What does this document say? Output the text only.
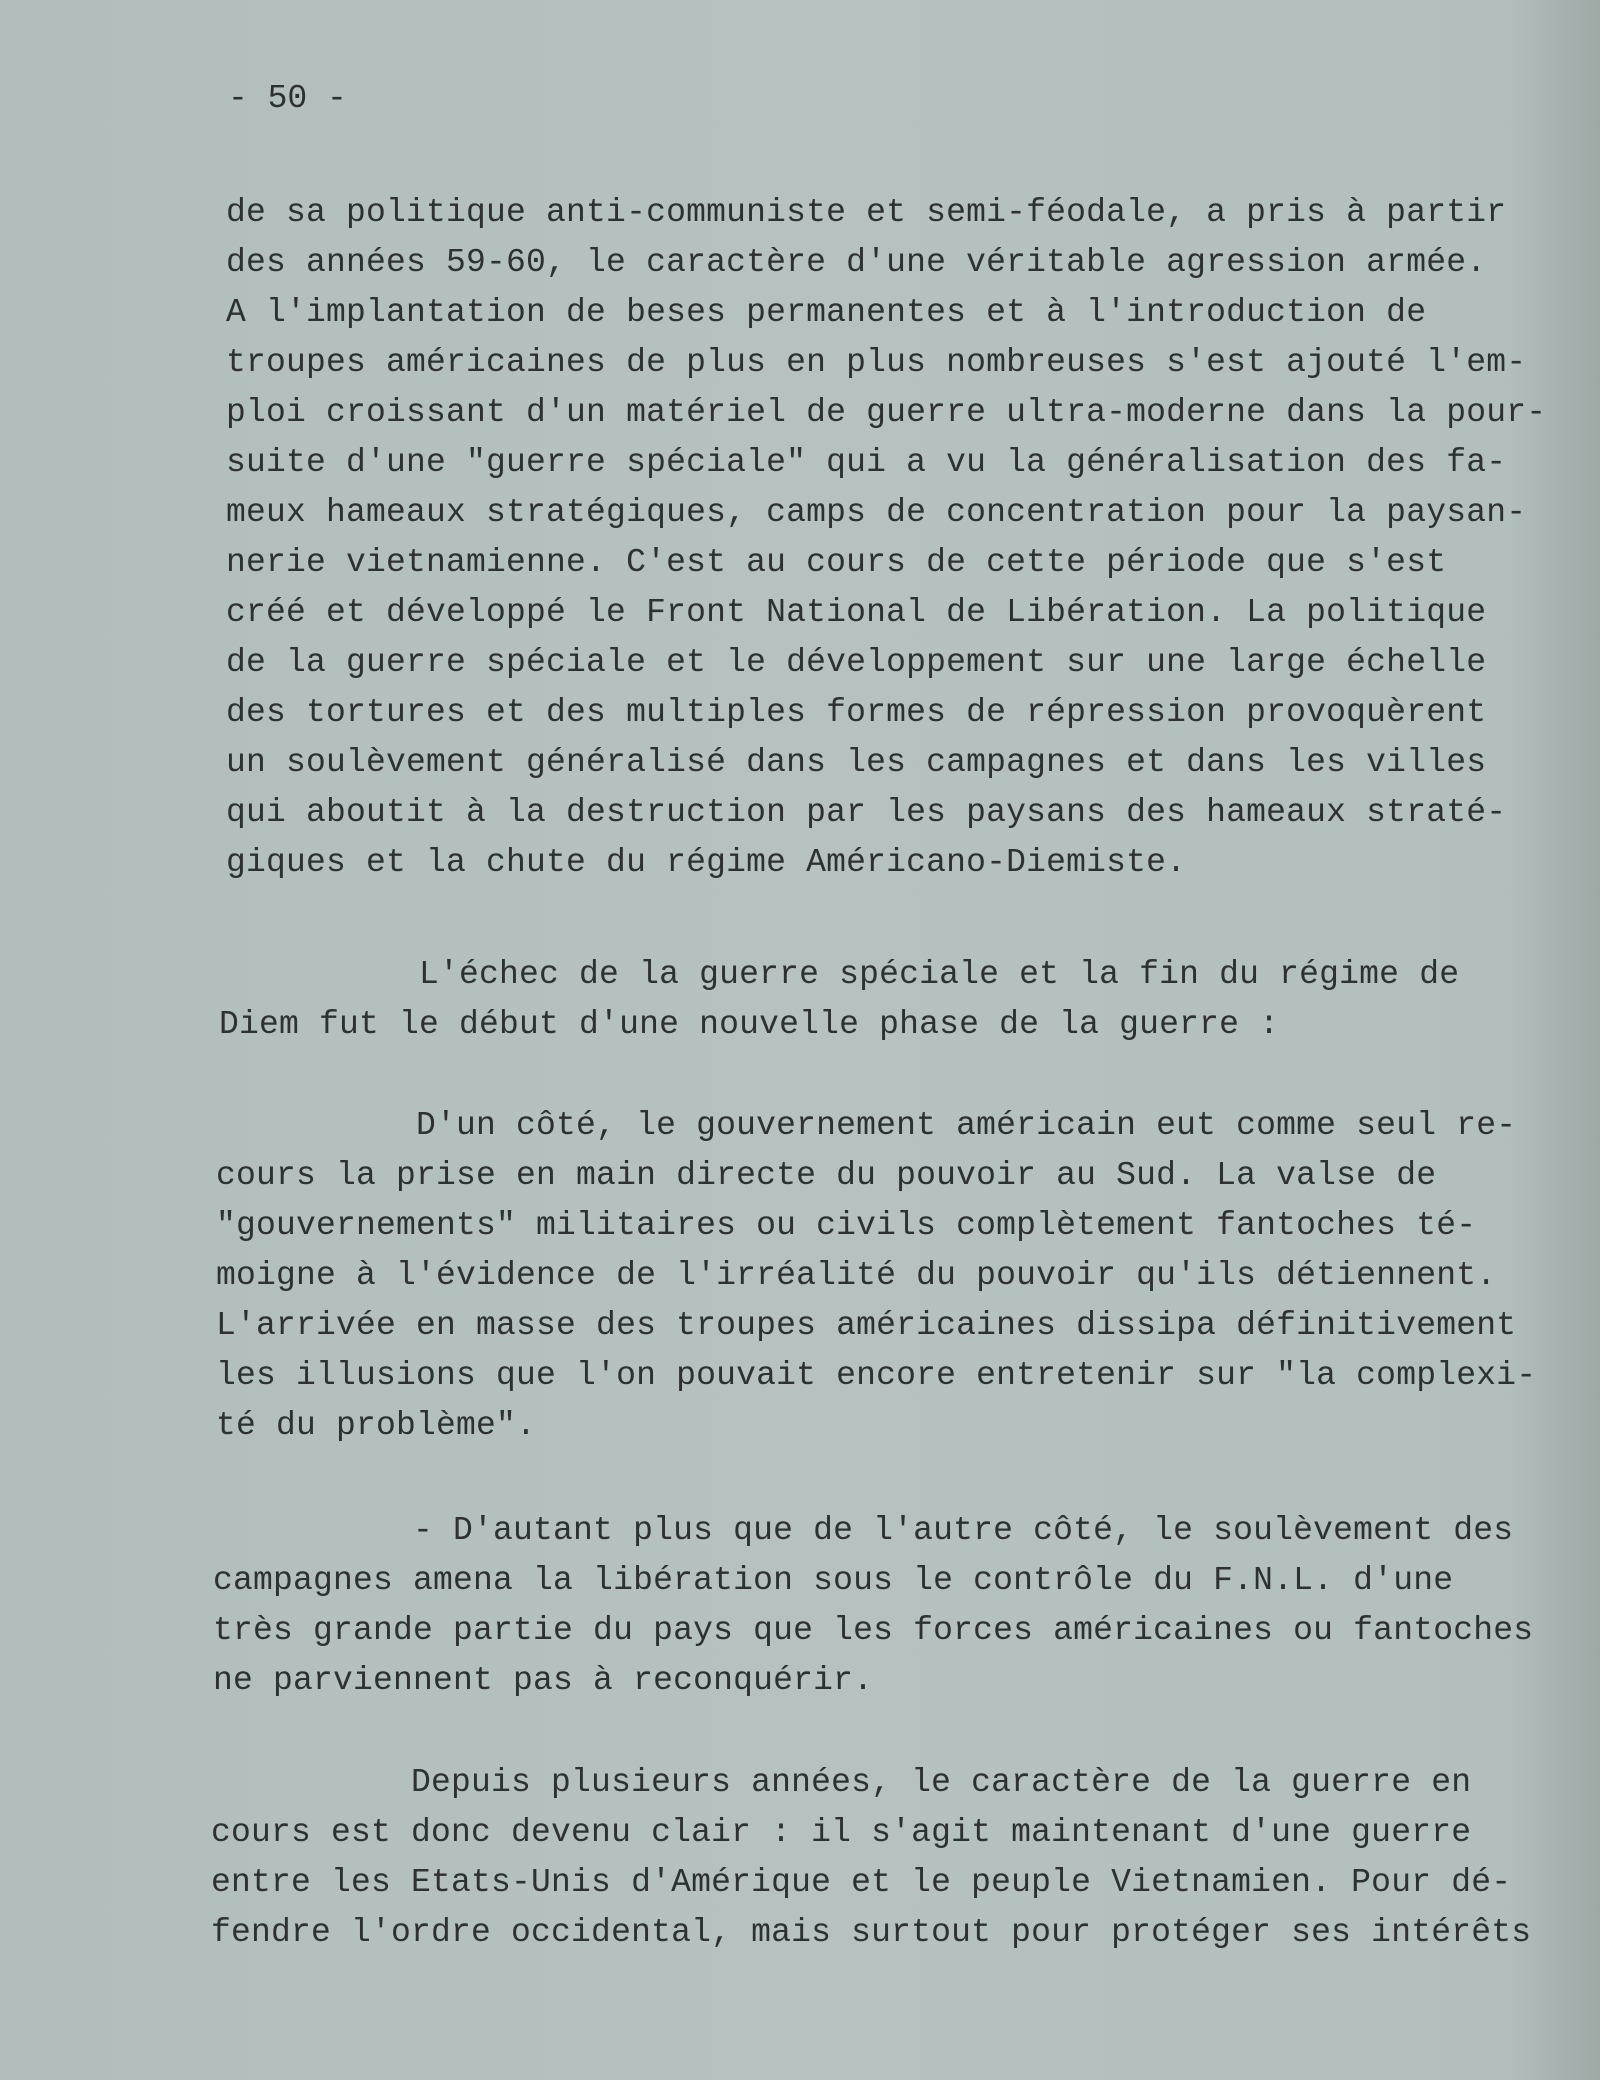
- 50 -
de sa politique anti-communiste et semi-féodale, a pris à partir
des années 59-60, le caractère d'une véritable agression armée.
A l'implantation de beses permanentes et à l'introduction de
troupes américaines de plus en plus nombreuses s'est ajouté l'em-
ploi croissant d'un matériel de guerre ultra-moderne dans la pour-
suite d'une "guerre spéciale" qui a vu la généralisation des fa-
meux hameaux stratégiques, camps de concentration pour la paysan-
nerie vietnamienne. C'est au cours de cette période que s'est
créé et développé le Front National de Libération. La politique
de la guerre spéciale et le développement sur une large échelle
des tortures et des multiples formes de répression provoquèrent
un soulèvement généralisé dans les campagnes et dans les villes
qui aboutit à la destruction par les paysans des hameaux straté-
giques et la chute du régime Américano-Diemiste.
L'échec de la guerre spéciale et la fin du régime de
Diem fut le début d'une nouvelle phase de la guerre :
D'un côté, le gouvernement américain eut comme seul re-
cours la prise en main directe du pouvoir au Sud. La valse de
"gouvernements" militaires ou civils complètement fantoches té-
moigne à l'évidence de l'irréalité du pouvoir qu'ils détiennent.
L'arrivée en masse des troupes américaines dissipa définitivement
les illusions que l'on pouvait encore entretenir sur "la complexi-
té du problème".
- D'autant plus que de l'autre côté, le soulèvement des
campagnes amena la libération sous le contrôle du F.N.L. d'une
très grande partie du pays que les forces américaines ou fantoches
ne parviennent pas à reconquérir.
Depuis plusieurs années, le caractère de la guerre en
cours est donc devenu clair : il s'agit maintenant d'une guerre
entre les Etats-Unis d'Amérique et le peuple Vietnamien. Pour dé-
fendre l'ordre occidental, mais surtout pour protéger ses intérêts
